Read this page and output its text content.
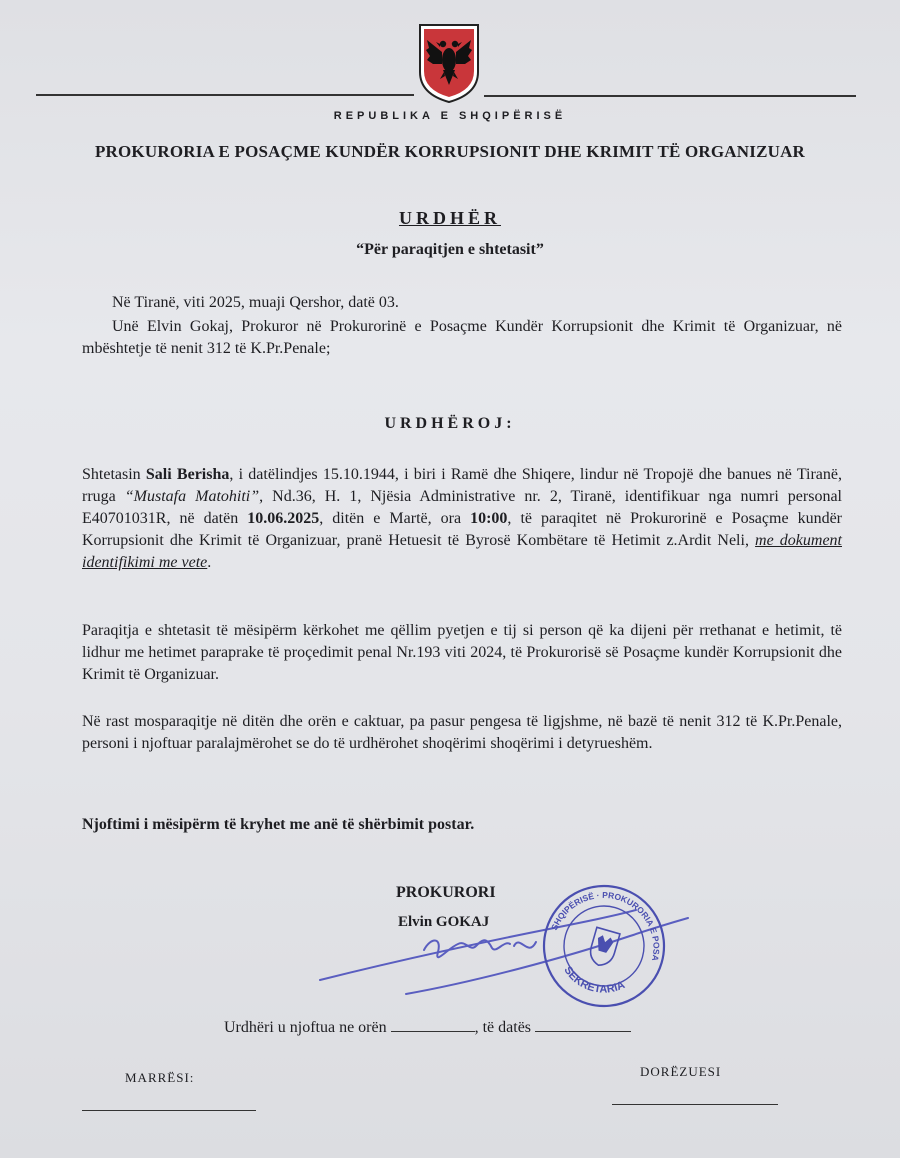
REPUBLIKA E SHQIPËRISË
PROKURORIA E POSAÇME KUNDËR KORRUPSIONIT DHE KRIMIT TË ORGANIZUAR
URDHËR
“Për paraqitjen e shtetasit”
Në Tiranë, viti 2025, muaji Qershor, datë 03.
Unë Elvin Gokaj, Prokuror në Prokurorinë e Posaçme Kundër Korrupsionit dhe Krimit të Organizuar, në mbështetje të nenit 312 të K.Pr.Penale;
URDHËROJ:
Shtetasin Sali Berisha, i datëlindjes 15.10.1944, i biri i Ramë dhe Shiqere, lindur në Tropojë dhe banues në Tiranë, rruga “Mustafa Matohiti”, Nd.36, H. 1, Njësia Administrative nr. 2, Tiranë, identifikuar nga numri personal E40701031R, në datën 10.06.2025, ditën e Martë, ora 10:00, të paraqitet në Prokurorinë e Posaçme kundër Korrupsionit dhe Krimit të Organizuar, pranë Hetuesit të Byrosë Kombëtare të Hetimit z.Ardit Neli, me dokument identifikimi me vete.
Paraqitja e shtetasit të mësipërm kërkohet me qëllim pyetjen e tij si person që ka dijeni për rrethanat e hetimit, të lidhur me hetimet paraprake të proçedimit penal Nr.193 viti 2024, të Prokurorisë së Posaçme kundër Korrupsionit dhe Krimit të Organizuar.
Në rast mosparaqitje në ditën dhe orën e caktuar, pa pasur pengesa të ligjshme, në bazë të nenit 312 të K.Pr.Penale, personi i njoftuar paralajmërohet se do të urdhërohet shoqërimi shoqërimi i detyrueshëm.
Njoftimi i mësipërm të kryhet me anë të shërbimit postar.
PROKURORI
Elvin GOKAJ	SHQIPËRISË · PROKURORIA E POSAÇME
SEKRETARIA
Urdhëri u njoftua ne orën	, të datës
MARRËSI:	DORËZUESI
